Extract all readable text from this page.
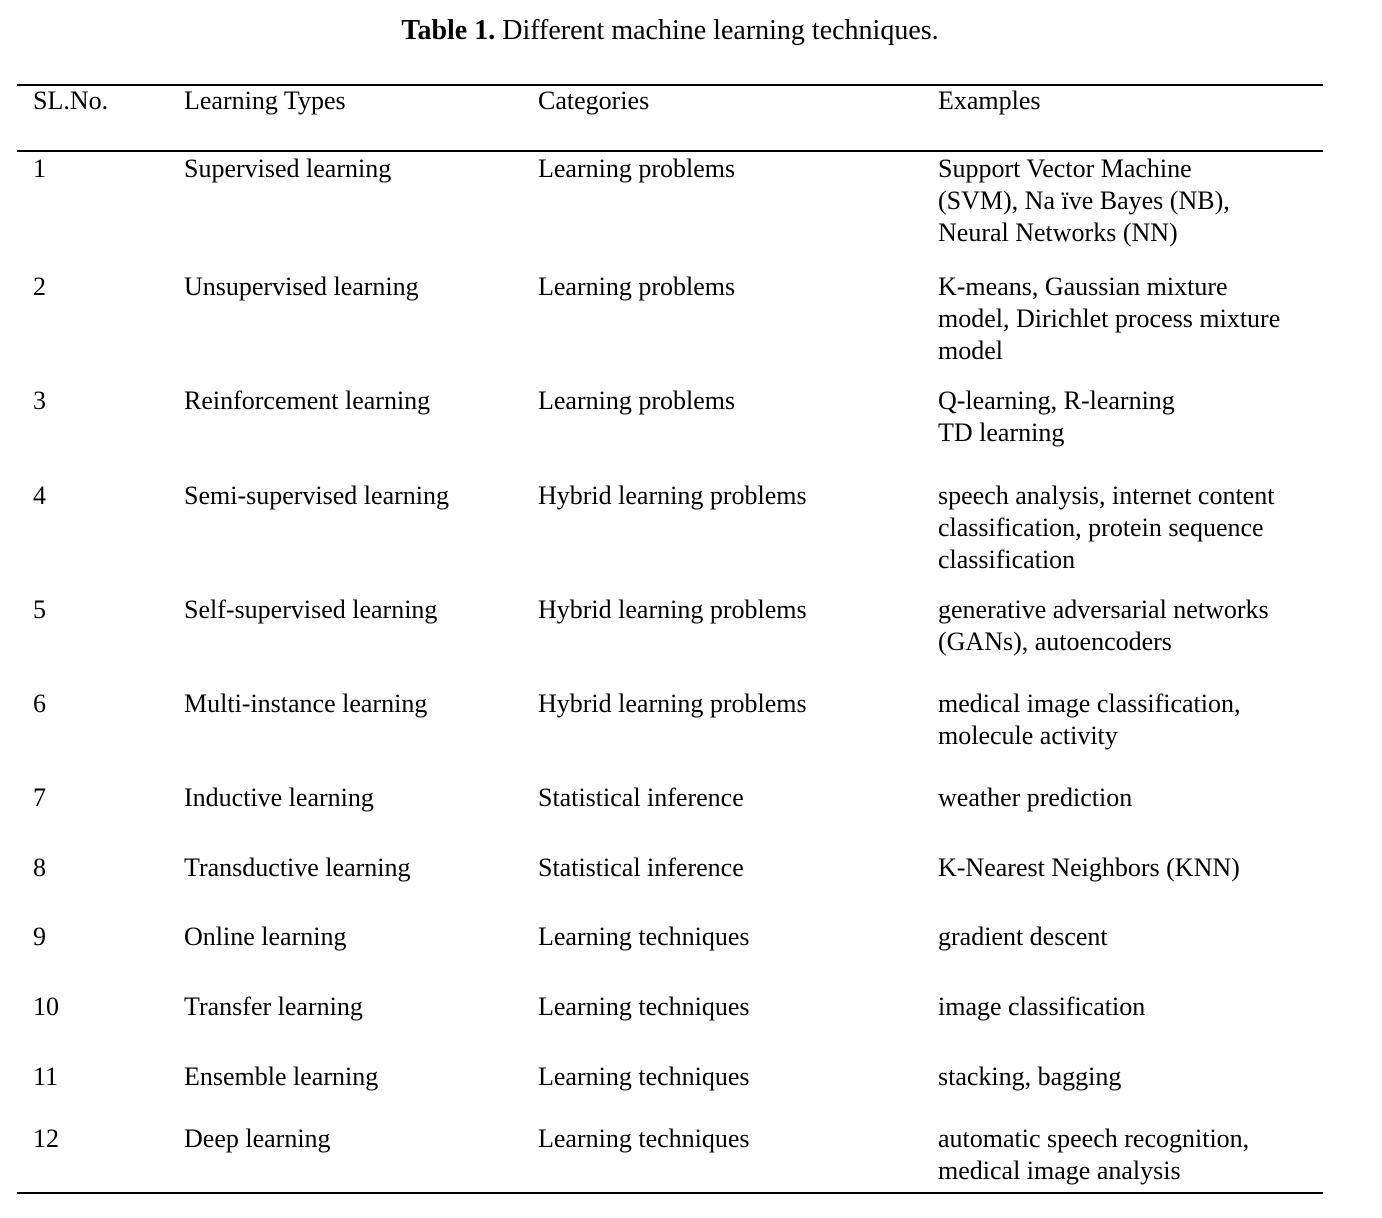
Table 1. Different machine learning techniques.
SL.No.	Learning Types	Categories	Examples
1	Supervised learning	Learning problems	Support Vector Machine
(SVM), Na ïve Bayes (NB),
Neural Networks (NN)
2	Unsupervised learning	Learning problems	K-means, Gaussian mixture
model, Dirichlet process mixture
model
3	Reinforcement learning	Learning problems	Q-learning, R-learning
TD learning
4	Semi-supervised learning	Hybrid learning problems	speech analysis, internet content
classification, protein sequence
classification
5	Self-supervised learning	Hybrid learning problems	generative adversarial networks
(GANs), autoencoders
6	Multi-instance learning	Hybrid learning problems	medical image classification,
molecule activity
7	Inductive learning	Statistical inference	weather prediction
8	Transductive learning	Statistical inference	K-Nearest Neighbors (KNN)
9	Online learning	Learning techniques	gradient descent
10	Transfer learning	Learning techniques	image classification
11	Ensemble learning	Learning techniques	stacking, bagging
12	Deep learning	Learning techniques	automatic speech recognition,
medical image analysis
